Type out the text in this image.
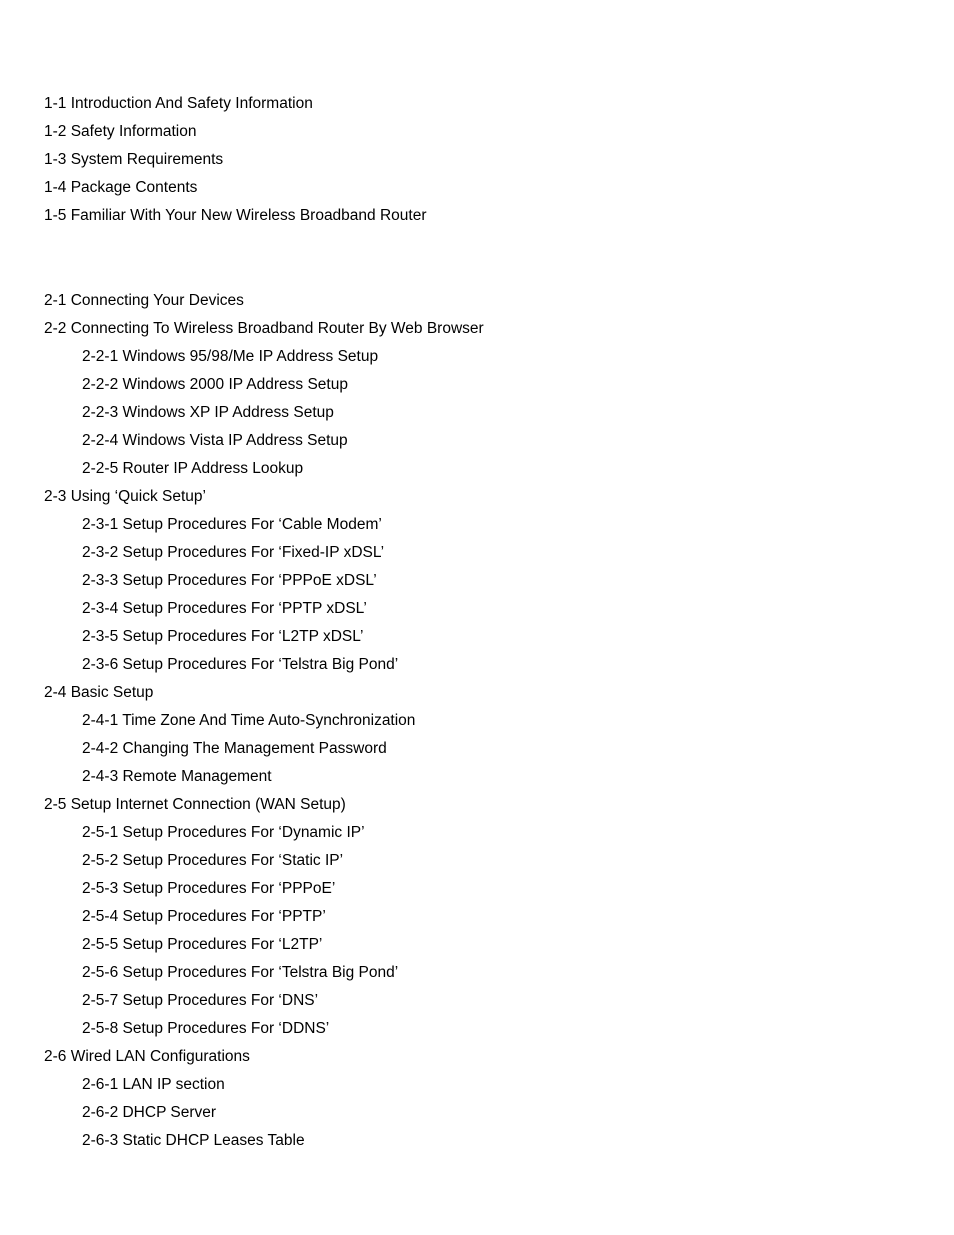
1-1 Introduction And Safety Information
1-2 Safety Information
1-3 System Requirements
1-4 Package Contents
1-5 Familiar With Your New Wireless Broadband Router
2-1 Connecting Your Devices
2-2 Connecting To Wireless Broadband Router By Web Browser
2-2-1 Windows 95/98/Me IP Address Setup
2-2-2 Windows 2000 IP Address Setup
2-2-3 Windows XP IP Address Setup
2-2-4 Windows Vista IP Address Setup
2-2-5 Router IP Address Lookup
2-3 Using ‘Quick Setup’
2-3-1 Setup Procedures For ‘Cable Modem’
2-3-2 Setup Procedures For ‘Fixed-IP xDSL’
2-3-3 Setup Procedures For ‘PPPoE xDSL’
2-3-4 Setup Procedures For ‘PPTP xDSL’
2-3-5 Setup Procedures For ‘L2TP xDSL’
2-3-6 Setup Procedures For ‘Telstra Big Pond’
2-4 Basic Setup
2-4-1 Time Zone And Time Auto-Synchronization
2-4-2 Changing The Management Password
2-4-3 Remote Management
2-5 Setup Internet Connection (WAN Setup)
2-5-1 Setup Procedures For ‘Dynamic IP’
2-5-2 Setup Procedures For ‘Static IP’
2-5-3 Setup Procedures For ‘PPPoE’
2-5-4 Setup Procedures For ‘PPTP’
2-5-5 Setup Procedures For ‘L2TP’
2-5-6 Setup Procedures For ‘Telstra Big Pond’
2-5-7 Setup Procedures For ‘DNS’
2-5-8 Setup Procedures For ‘DDNS’
2-6 Wired LAN Configurations
2-6-1 LAN IP section
2-6-2 DHCP Server
2-6-3 Static DHCP Leases Table
